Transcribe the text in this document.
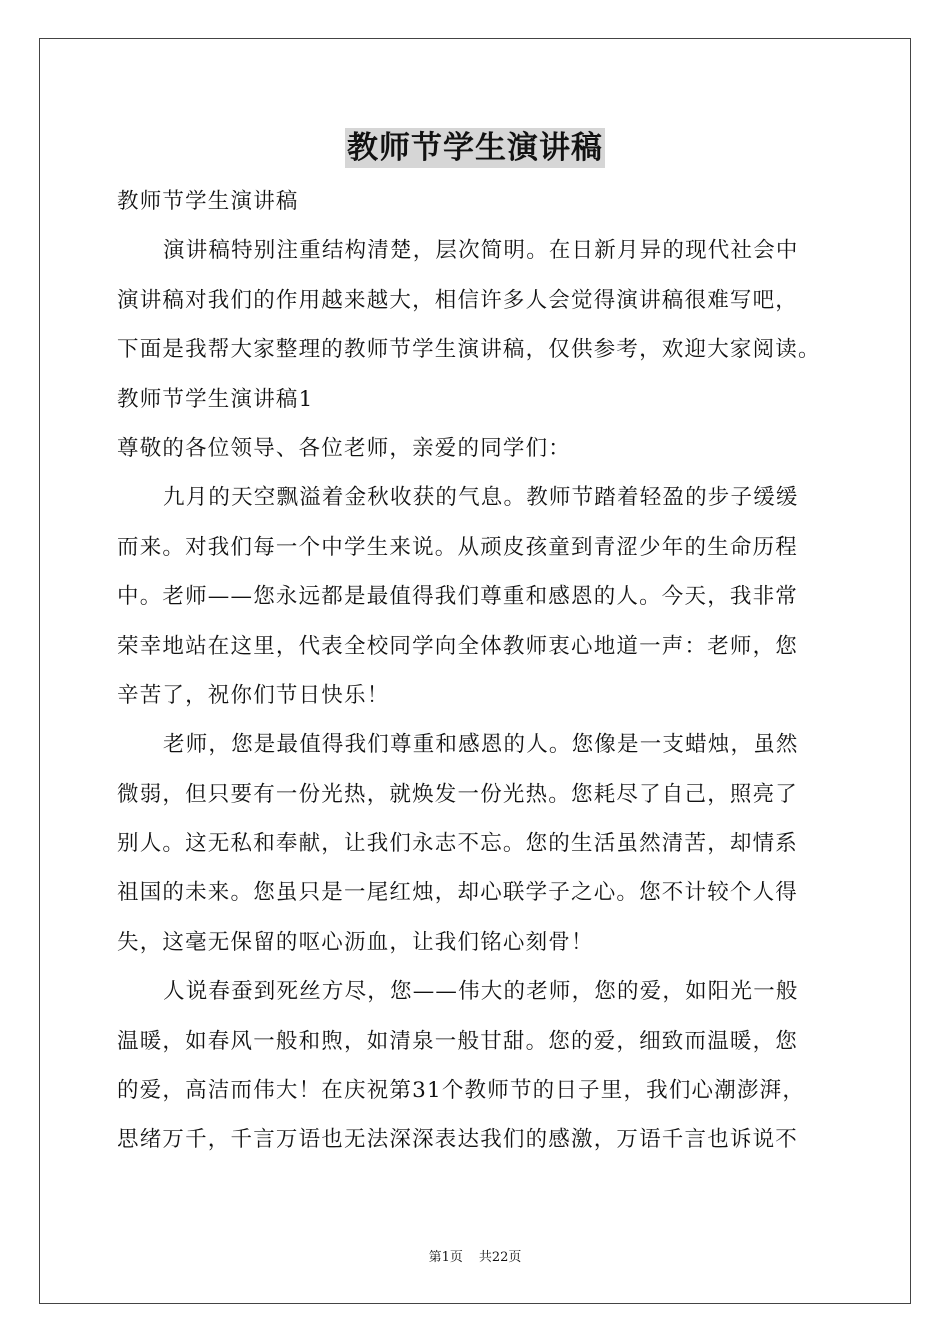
教师节学生演讲稿
教师节学生演讲稿
演讲稿特别注重结构清楚，层次简明。在日新月异的现代社会中
演讲稿对我们的作用越来越大，相信许多人会觉得演讲稿很难写吧，
下面是我帮大家整理的教师节学生演讲稿，仅供参考，欢迎大家阅读。
教师节学生演讲稿1
尊敬的各位领导、各位老师，亲爱的同学们：
九月的天空飘溢着金秋收获的气息。教师节踏着轻盈的步子缓缓
而来。对我们每一个中学生来说。从顽皮孩童到青涩少年的生命历程
中。老师——您永远都是最值得我们尊重和感恩的人。今天，我非常
荣幸地站在这里，代表全校同学向全体教师衷心地道一声：老师，您
辛苦了，祝你们节日快乐！
老师，您是最值得我们尊重和感恩的人。您像是一支蜡烛，虽然
微弱，但只要有一份光热，就焕发一份光热。您耗尽了自己，照亮了
别人。这无私和奉献，让我们永志不忘。您的生活虽然清苦，却情系
祖国的未来。您虽只是一尾红烛，却心联学子之心。您不计较个人得
失，这毫无保留的呕心沥血，让我们铭心刻骨！
人说春蚕到死丝方尽，您——伟大的老师，您的爱，如阳光一般
温暖，如春风一般和煦，如清泉一般甘甜。您的爱，细致而温暖，您
的爱，高洁而伟大！在庆祝第31个教师节的日子里，我们心潮澎湃，
思绪万千，千言万语也无法深深表达我们的感激，万语千言也诉说不
第1页 共22页
